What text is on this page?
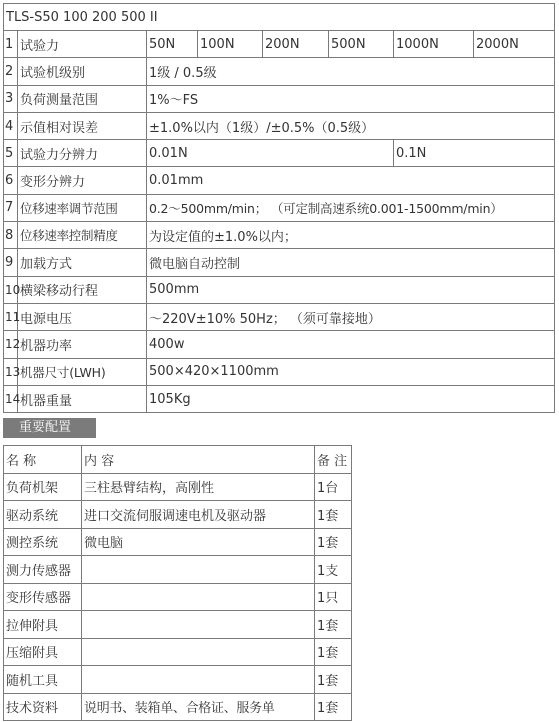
TLS-S50 100 200 500 II							
1	试验力	50N	100N	200N	500N	1000N	2000N
2	试验机级别	1级 / 0.5级					
3	负荷测量范围	1%～FS					
4	示值相对误差	±1.0%以内（1级）/±0.5%（0.5级）					
5	试验力分辨力	0.01N				0.1N	
6	变形分辨力	0.01mm					
7	位移速率调节范围	0.2～500mm/min； （可定制高速系统0.001-1500mm/min）					
8	位移速率控制精度	为设定值的±1.0%以内；					
9	加载方式	微电脑自动控制					
10	横梁移动行程	500mm					
11	电源电压	～220V±10% 50Hz； （须可靠接地）					
12	机器功率	400w					
13	机器尺寸(LWH)	500×420×1100mm					
14	机器重量	105Kg					
重要配置
名 称	内 容	备 注
负荷机架	三柱悬臂结构，高刚性	1台
驱动系统	进口交流伺服调速电机及驱动器	1套
测控系统	微电脑	1套
测力传感器		1支
变形传感器		1只
拉伸附具		1套
压缩附具		1套
随机工具		1套
技术资料	说明书、装箱单、合格证、服务单	1套
